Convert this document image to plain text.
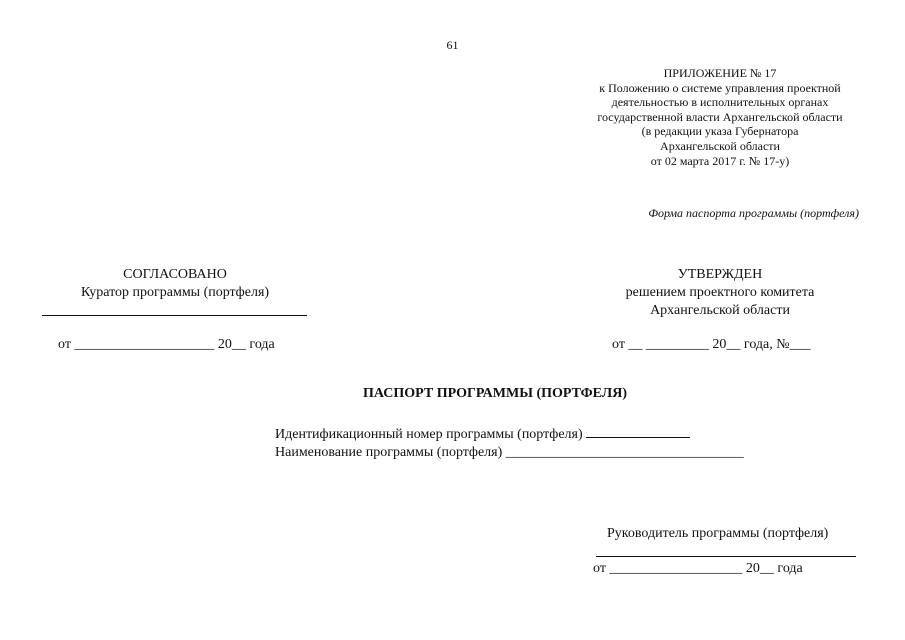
61
ПРИЛОЖЕНИЕ № 17
к Положению о системе управления проектной
деятельностью в исполнительных органах
государственной власти Архангельской области
(в редакции указа Губернатора
Архангельской области
от 02 марта 2017 г. № 17-у)
Форма паспорта программы (портфеля)
СОГЛАСОВАНО
Куратор программы (портфеля)
от ____________________ 20__ года
УТВЕРЖДЕН
решением проектного комитета
Архангельской области
от __ _________ 20__ года, №___
ПАСПОРТ ПРОГРАММЫ (ПОРТФЕЛЯ)
Идентификационный номер программы (портфеля)
Наименование программы (портфеля) __________________________________
Руководитель программы (портфеля)
от ___________________ 20__ года
